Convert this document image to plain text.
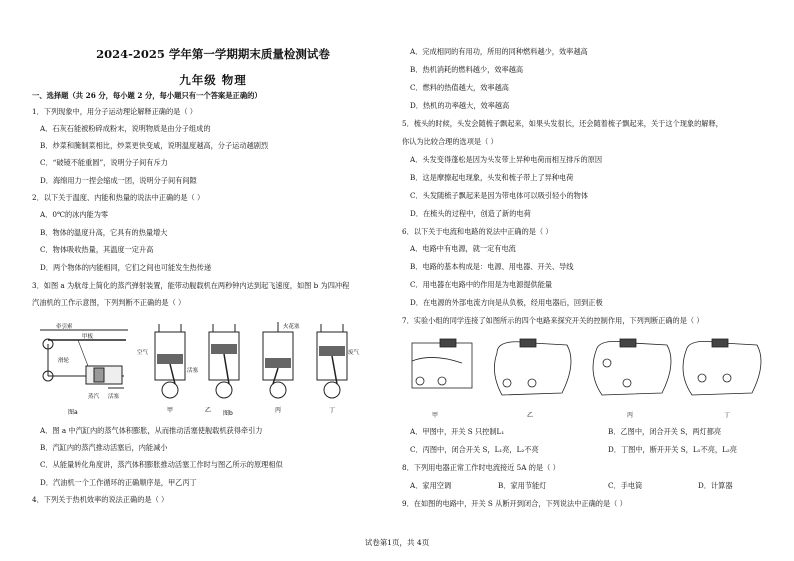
2024-2025 学年第一学期期末质量检测试卷
九年级 物理
一、选择题（共 26 分，每小题 2 分，每小题只有一个答案是正确的）
1．下列现象中，用分子运动理论解释正确的是（ ）
A．石灰石能被粉碎成粉末，说明物质是由分子组成的
B．炒菜和腌制菜相比，炒菜更快变咸，说明温度越高，分子运动越剧烈
C．“破镜不能重圆”，说明分子间有斥力
D．海绵用力一捏会缩成一团，说明分子间有间隙
2．以下关于温度、内能和热量的说法中正确的是（ ）
A．0℃的冰内能为零
B．物体的温度升高，它具有的热量增大
C．物体吸收热量，其温度一定升高
D．两个物体的内能相同，它们之间也可能发生热传递
3．如图 a 为航母上简化的蒸汽弹射装置，能带动舰载机在两秒钟内达到起飞速度，如图 b 为四冲程
汽油机的工作示意图，下列判断不正确的是（ ）
A．图 a 中汽缸内的蒸气体积膨胀，从而推动活塞使舰载机获得牵引力
B．汽缸内的蒸汽推动活塞后，内能减小
C．从能量转化角度讲，蒸汽体积膨胀推动活塞工作时与图乙所示的原理相似
D．汽油机一个工作循环的正确顺序是，甲乙丙丁
4．下列关于热机效率的说法正确的是（ ）
牵引索
甲板
滑轮
活塞
蒸汽
图a
火花塞
空气
活塞
废气
甲	乙 图b	丙	丁
A．完成相同的有用功，所用的同种燃料越少，效率越高
B．热机消耗的燃料越少，效率越高
C．燃料的热值越大，效率越高
D．热机的功率越大，效率越高
5．梳头的时候，头发会随梳子飘起来，如果头发很长，还会随着梳子飘起来，关于这个现象的解释，
你认为比较合理的选项是（ ）
A．头发变得蓬松是因为头发带上异种电荷而相互排斥的原因
B．这是摩擦起电现象，头发和梳子带上了异种电荷
C．头发随梳子飘起来是因为带电体可以吸引轻小的物体
D．在梳头的过程中，创造了新的电荷
6．以下关于电流和电路的说法中正确的是（ ）
A．电路中有电源，就一定有电流
B．电路的基本构成是：电源、用电器、开关、导线
C．用电器在电路中的作用是为电源提供能量
D．在电源的外部电流方向是从负极，经用电器后，回到正极
7．实验小组的同学连接了如图所示的四个电路来探究开关的控制作用，下列判断正确的是（ ）
A．甲图中，开关 S 只控制L₁	B．乙图中，闭合开关 S，两灯都亮
C．丙图中，闭合开关 S，L₁亮，L₂不亮	D．丁图中，断开开关 S，L₁不亮，L₂亮
8．下列用电器正常工作时电流接近 5A 的是（ ）
A．家用空调	B．家用节能灯	C．手电筒	D．计算器
9．在如图的电路中，开关 S 从断开到闭合，下列说法中正确的是（ ）
甲	乙	丙	丁
试卷第1页，共 4页
